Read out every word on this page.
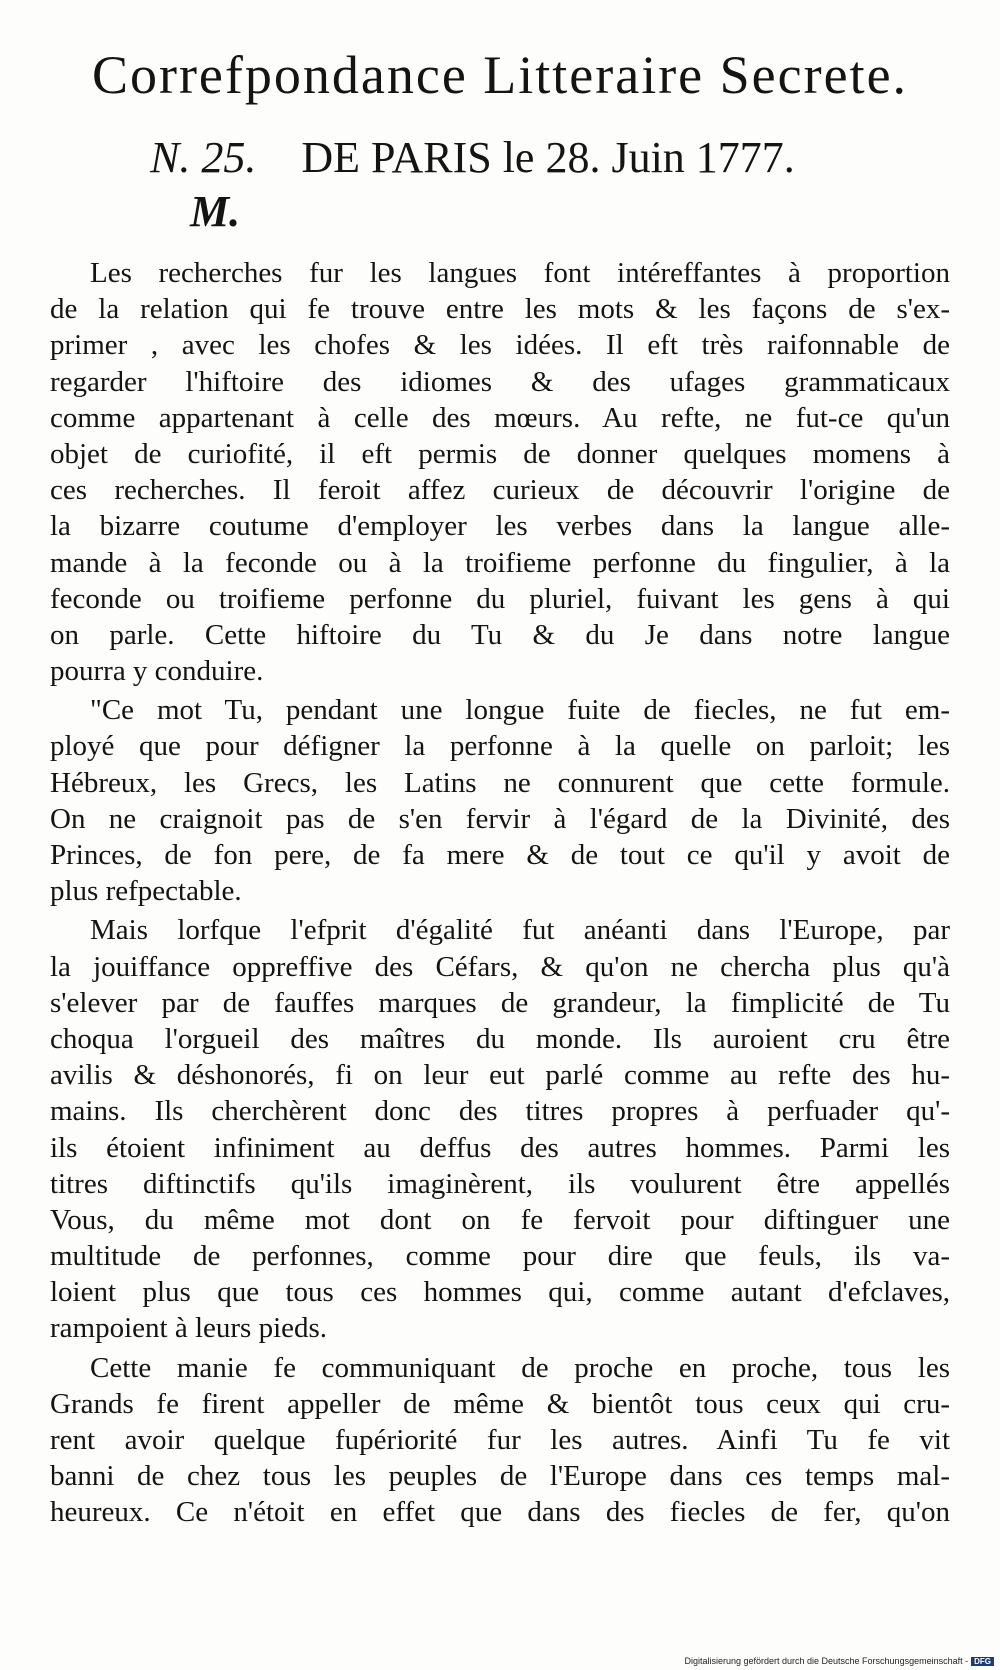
Correfpondance Litteraire Secrete.
N. 25. DE PARIS le 28. Juin 1777.
M.
Les recherches fur les langues font intéreffantes à proportion
de la relation qui fe trouve entre les mots & les façons de s'ex-
primer , avec les chofes & les idées. Il eft très raifonnable de
regarder l'hiftoire des idiomes & des ufages grammaticaux
comme appartenant à celle des mœurs. Au refte, ne fut-ce qu'un
objet de curiofité, il eft permis de donner quelques momens à
ces recherches. Il feroit affez curieux de découvrir l'origine de
la bizarre coutume d'employer les verbes dans la langue alle-
mande à la feconde ou à la troifieme perfonne du fingulier, à la
feconde ou troifieme perfonne du pluriel, fuivant les gens à qui
on parle. Cette hiftoire du Tu & du Je dans notre langue
pourra y conduire.
"Ce mot Tu, pendant une longue fuite de fiecles, ne fut em-
ployé que pour défigner la perfonne à la quelle on parloit; les
Hébreux, les Grecs, les Latins ne connurent que cette formule.
On ne craignoit pas de s'en fervir à l'égard de la Divinité, des
Princes, de fon pere, de fa mere & de tout ce qu'il y avoit de
plus refpectable.
Mais lorfque l'efprit d'égalité fut anéanti dans l'Europe, par
la jouiffance oppreffive des Céfars, & qu'on ne chercha plus qu'à
s'elever par de fauffes marques de grandeur, la fimplicité de Tu
choqua l'orgueil des maîtres du monde. Ils auroient cru être
avilis & déshonorés, fi on leur eut parlé comme au refte des hu-
mains. Ils cherchèrent donc des titres propres à perfuader qu'-
ils étoient infiniment au deffus des autres hommes. Parmi les
titres diftinctifs qu'ils imaginèrent, ils voulurent être appellés
Vous, du même mot dont on fe fervoit pour diftinguer une
multitude de perfonnes, comme pour dire que feuls, ils va-
loient plus que tous ces hommes qui, comme autant d'efclaves,
rampoient à leurs pieds.
Cette manie fe communiquant de proche en proche, tous les
Grands fe firent appeller de même & bientôt tous ceux qui cru-
rent avoir quelque fupériorité fur les autres. Ainfi Tu fe vit
banni de chez tous les peuples de l'Europe dans ces temps mal-
heureux. Ce n'étoit en effet que dans des fiecles de fer, qu'on
Digitalisierung gefördert durch die Deutsche Forschungsgemeinschaft - DFG
